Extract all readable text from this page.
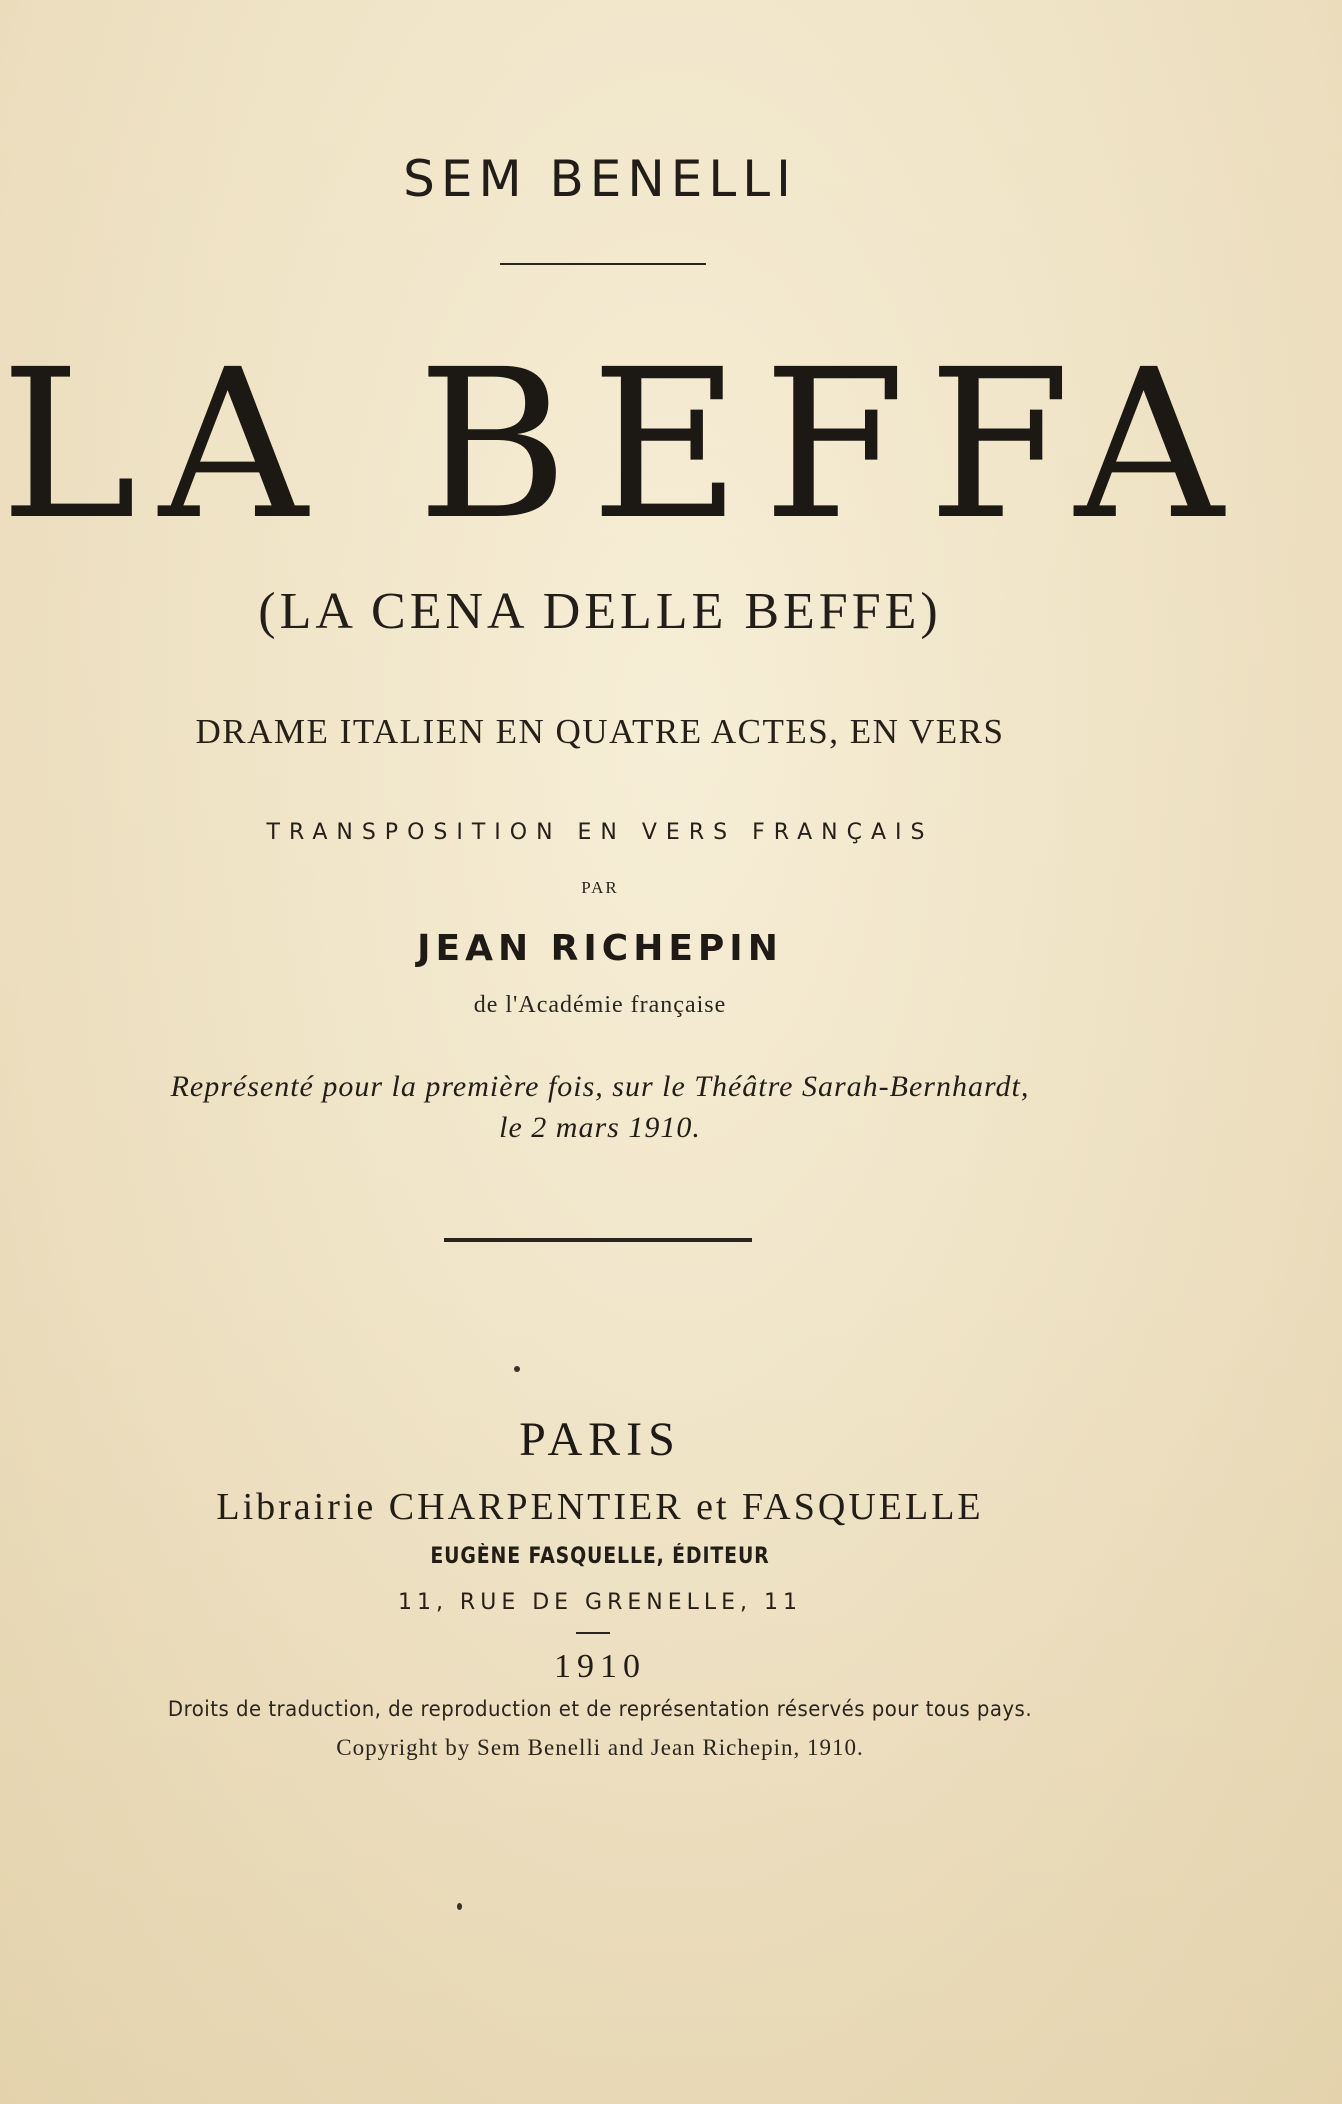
SEM BENELLI
LA BEFFA
(LA CENA DELLE BEFFE)
DRAME ITALIEN EN QUATRE ACTES, EN VERS
TRANSPOSITION EN VERS FRANÇAIS
PAR
JEAN RICHEPIN
de l'Académie française
Représenté pour la première fois, sur le Théâtre Sarah-Bernhardt,
le 2 mars 1910.
PARIS
Librairie CHARPENTIER et FASQUELLE
EUGÈNE FASQUELLE, ÉDITEUR
11, RUE DE GRENELLE, 11
1910
Droits de traduction, de reproduction et de représentation réservés pour tous pays.
Copyright by Sem Benelli and Jean Richepin, 1910.
